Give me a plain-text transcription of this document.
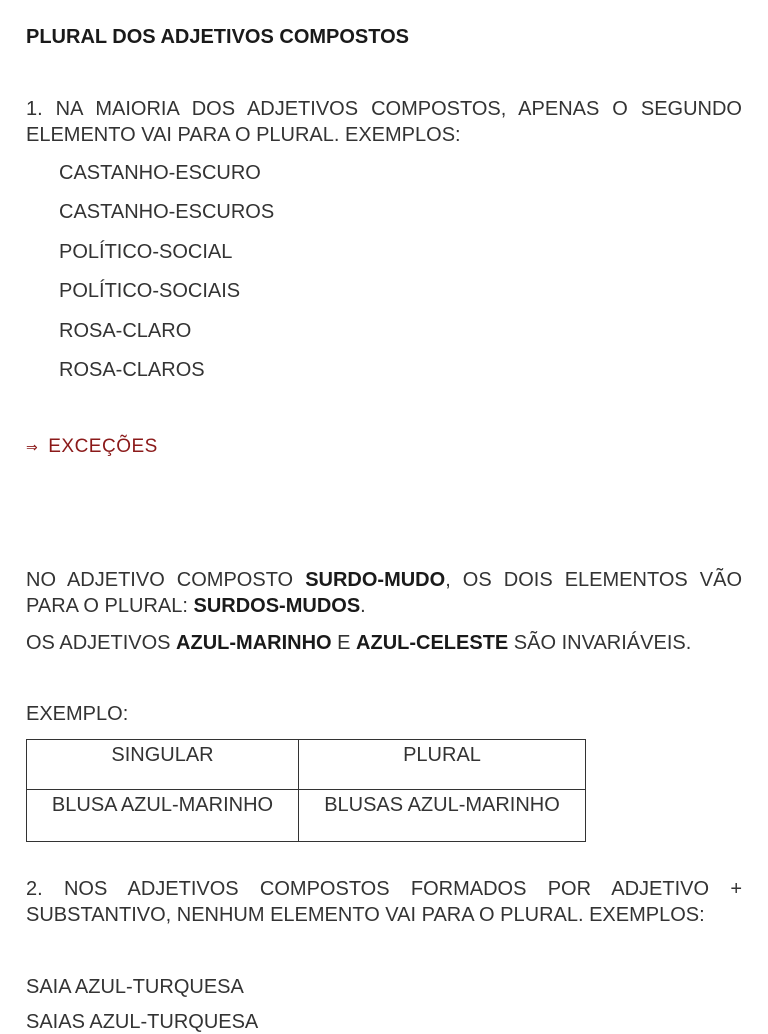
PLURAL DOS ADJETIVOS COMPOSTOS
1. NA MAIORIA DOS ADJETIVOS COMPOSTOS, APENAS O SEGUNDO ELEMENTO VAI PARA O PLURAL. EXEMPLOS:
CASTANHO-ESCURO
CASTANHO-ESCUROS
POLÍTICO-SOCIAL
POLÍTICO-SOCIAIS
ROSA-CLARO
ROSA-CLAROS
⇒ EXCEÇÕES
NO ADJETIVO COMPOSTO SURDO-MUDO, OS DOIS ELEMENTOS VÃO PARA O PLURAL: SURDOS-MUDOS.
OS ADJETIVOS AZUL-MARINHO E AZUL-CELESTE SÃO INVARIÁVEIS.
EXEMPLO:
SINGULAR	PLURAL
BLUSA AZUL-MARINHO	BLUSAS AZUL-MARINHO
2. NOS ADJETIVOS COMPOSTOS FORMADOS POR ADJETIVO + SUBSTANTIVO, NENHUM ELEMENTO VAI PARA O PLURAL. EXEMPLOS:
SAIA AZUL-TURQUESA
SAIAS AZUL-TURQUESA
